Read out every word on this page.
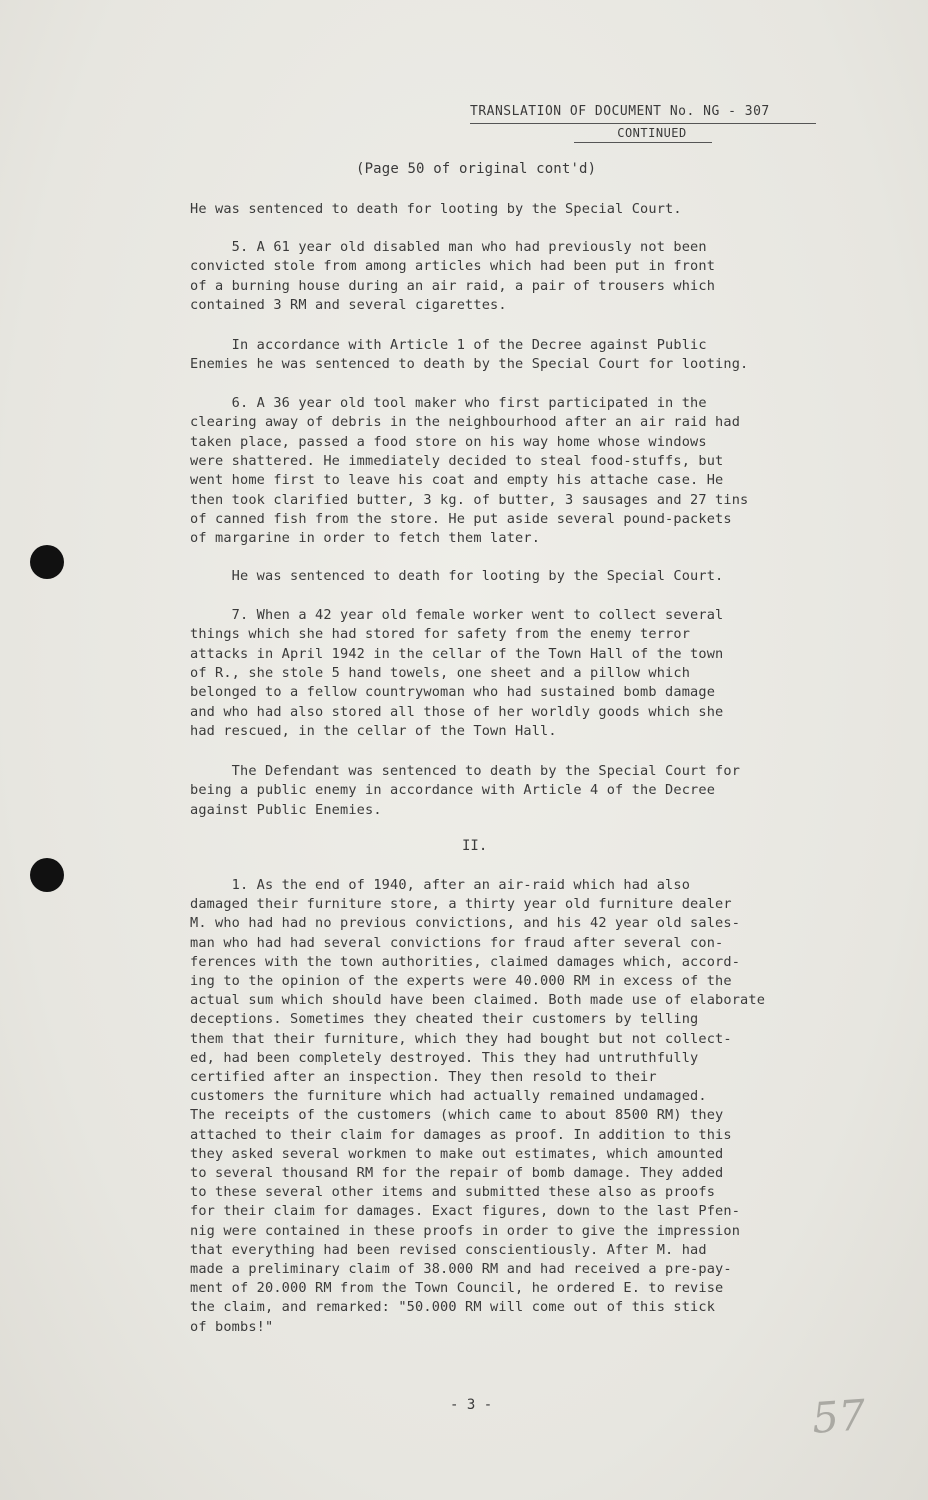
TRANSLATION OF DOCUMENT No. NG - 307
CONTINUED
(Page 50 of original cont'd)
He was sentenced to death for looting by the Special Court.
5. A 61 year old disabled man who had previously not been
convicted stole from among articles which had been put in front
of a burning house during an air raid, a pair of trousers which
contained 3 RM and several cigarettes.
In accordance with Article 1 of the Decree against Public
Enemies he was sentenced to death by the Special Court for looting.
6. A 36 year old tool maker who first participated in the
clearing away of debris in the neighbourhood after an air raid had
taken place, passed a food store on his way home whose windows
were shattered. He immediately decided to steal food-stuffs, but
went home first to leave his coat and empty his attache case. He
then took clarified butter, 3 kg. of butter, 3 sausages and 27 tins
of canned fish from the store. He put aside several pound-packets
of margarine in order to fetch them later.
He was sentenced to death for looting by the Special Court.
7. When a 42 year old female worker went to collect several
things which she had stored for safety from the enemy terror
attacks in April 1942 in the cellar of the Town Hall of the town
of R., she stole 5 hand towels, one sheet and a pillow which
belonged to a fellow countrywoman who had sustained bomb damage
and who had also stored all those of her worldly goods which she
had rescued, in the cellar of the Town Hall.
The Defendant was sentenced to death by the Special Court for
being a public enemy in accordance with Article 4 of the Decree
against Public Enemies.
1. As the end of 1940, after an air-raid which had also
damaged their furniture store, a thirty year old furniture dealer
M. who had had no previous convictions, and his 42 year old sales-
man who had had several convictions for fraud after several con-
ferences with the town authorities, claimed damages which, accord-
ing to the opinion of the experts were 40.000 RM in excess of the
actual sum which should have been claimed. Both made use of elaborate
deceptions. Sometimes they cheated their customers by telling
them that their furniture, which they had bought but not collect-
ed, had been completely destroyed. This they had untruthfully
certified after an inspection. They then resold to their
customers the furniture which had actually remained undamaged.
The receipts of the customers (which came to about 8500 RM) they
attached to their claim for damages as proof. In addition to this
they asked several workmen to make out estimates, which amounted
to several thousand RM for the repair of bomb damage. They added
to these several other items and submitted these also as proofs
for their claim for damages. Exact figures, down to the last Pfen-
nig were contained in these proofs in order to give the impression
that everything had been revised conscientiously. After M. had
made a preliminary claim of 38.000 RM and had received a pre-pay-
ment of 20.000 RM from the Town Council, he ordered E. to revise
the claim, and remarked: "50.000 RM will come out of this stick
of bombs!"
II.
- 3 -	57
